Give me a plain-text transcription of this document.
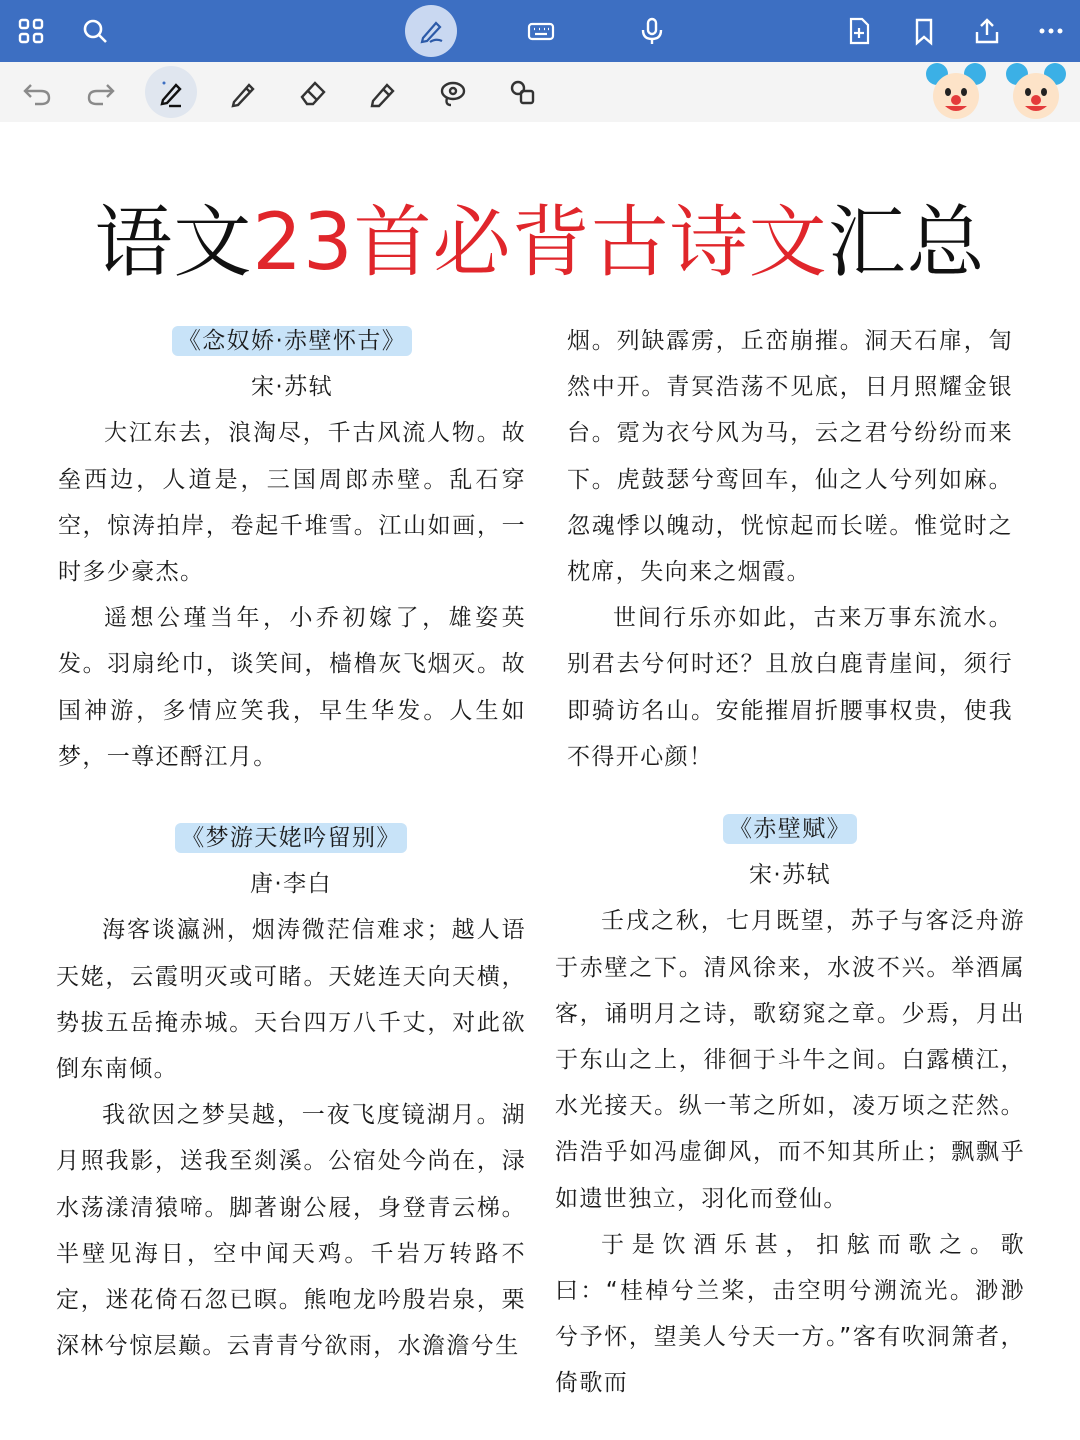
语文23首必背古诗文汇总

《念奴娇·赤壁怀古》

宋·苏轼

大江东去，浪淘尽，千古风流人物。故垒西边，人道是，三国周郎赤壁。乱石穿空，惊涛拍岸，卷起千堆雪。江山如画，一时多少豪杰。

遥想公瑾当年，小乔初嫁了，雄姿英发。羽扇纶巾，谈笑间，樯橹灰飞烟灭。故国神游，多情应笑我，早生华发。人生如梦，一尊还酹江月。

《梦游天姥吟留别》

唐·李白

海客谈瀛洲，烟涛微茫信难求；越人语天姥，云霞明灭或可睹。天姥连天向天横，势拔五岳掩赤城。天台四万八千丈，对此欲倒东南倾。

我欲因之梦吴越，一夜飞度镜湖月。湖月照我影，送我至剡溪。公宿处今尚在，渌水荡漾清猿啼。脚著谢公屐，身登青云梯。半壁见海日，空中闻天鸡。千岩万转路不定，迷花倚石忽已暝。熊咆龙吟殷岩泉，栗深林兮惊层巅。云青青兮欲雨，水澹澹兮生

烟。列缺霹雳，丘峦崩摧。洞天石扉，訇然中开。青冥浩荡不见底，日月照耀金银台。霓为衣兮风为马，云之君兮纷纷而来下。虎鼓瑟兮鸾回车，仙之人兮列如麻。忽魂悸以魄动，恍惊起而长嗟。惟觉时之枕席，失向来之烟霞。

世间行乐亦如此，古来万事东流水。别君去兮何时还？且放白鹿青崖间，须行即骑访名山。安能摧眉折腰事权贵，使我不得开心颜！

《赤壁赋》

宋·苏轼

壬戌之秋，七月既望，苏子与客泛舟游于赤壁之下。清风徐来，水波不兴。举酒属客，诵明月之诗，歌窈窕之章。少焉，月出于东山之上，徘徊于斗牛之间。白露横江，水光接天。纵一苇之所如，凌万顷之茫然。浩浩乎如冯虚御风，而不知其所止；飘飘乎如遗世独立，羽化而登仙。

于是饮酒乐甚，扣舷而歌之。歌曰：“桂棹兮兰桨，击空明兮溯流光。渺渺兮予怀，望美人兮天一方。”客有吹洞箫者，倚歌而
